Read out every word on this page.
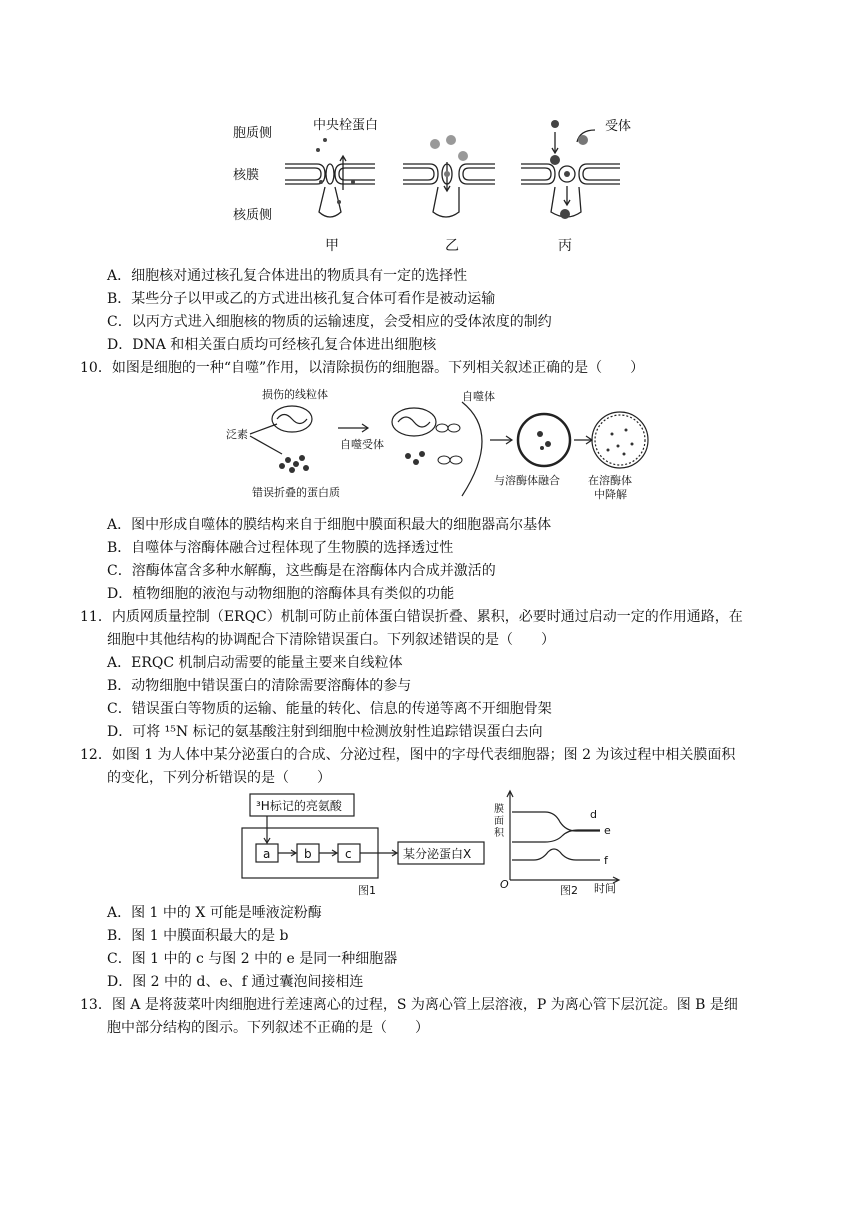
胞质侧
核膜
核质侧
中央栓蛋白	受体
甲	乙	丙
A．细胞核对通过核孔复合体进出的物质具有一定的选择性
B．某些分子以甲或乙的方式进出核孔复合体可看作是被动运输
C．以丙方式进入细胞核的物质的运输速度，会受相应的受体浓度的制约
D．DNA 和相关蛋白质均可经核孔复合体进出细胞核
10．如图是细胞的一种“自噬”作用，以清除损伤的细胞器。下列相关叙述正确的是（　　）
损伤的线粒体
泛素
错误折叠的蛋白质
自噬受体
自噬体
与溶酶体融合	在溶酶体
中降解
A．图中形成自噬体的膜结构来自于细胞中膜面积最大的细胞器高尔基体
B．自噬体与溶酶体融合过程体现了生物膜的选择透过性
C．溶酶体富含多种水解酶，这些酶是在溶酶体内合成并激活的
D．植物细胞的液泡与动物细胞的溶酶体具有类似的功能
11．内质网质量控制（ERQC）机制可防止前体蛋白错误折叠、累积，必要时通过启动一定的作用通路，在
细胞中其他结构的协调配合下清除错误蛋白。下列叙述错误的是（　　）
A．ERQC 机制启动需要的能量主要来自线粒体
B．动物细胞中错误蛋白的清除需要溶酶体的参与
C．错误蛋白等物质的运输、能量的转化、信息的传递等离不开细胞骨架
D．可将 ¹⁵N 标记的氨基酸注射到细胞中检测放射性追踪错误蛋白去向
12．如图 1 为人体中某分泌蛋白的合成、分泌过程，图中的字母代表细胞器；图 2 为该过程中相关膜面积
的变化，下列分析错误的是（　　）
³H标记的亮氨酸
a	b	c	某分泌蛋白X
图1
膜
面
积
d
e
f
O	图2 时间
A．图 1 中的 X 可能是唾液淀粉酶
B．图 1 中膜面积最大的是 b
C．图 1 中的 c 与图 2 中的 e 是同一种细胞器
D．图 2 中的 d、e、f 通过囊泡间接相连
13．图 A 是将菠菜叶肉细胞进行差速离心的过程，S 为离心管上层溶液，P 为离心管下层沉淀。图 B 是细
胞中部分结构的图示。下列叙述不正确的是（　　）
